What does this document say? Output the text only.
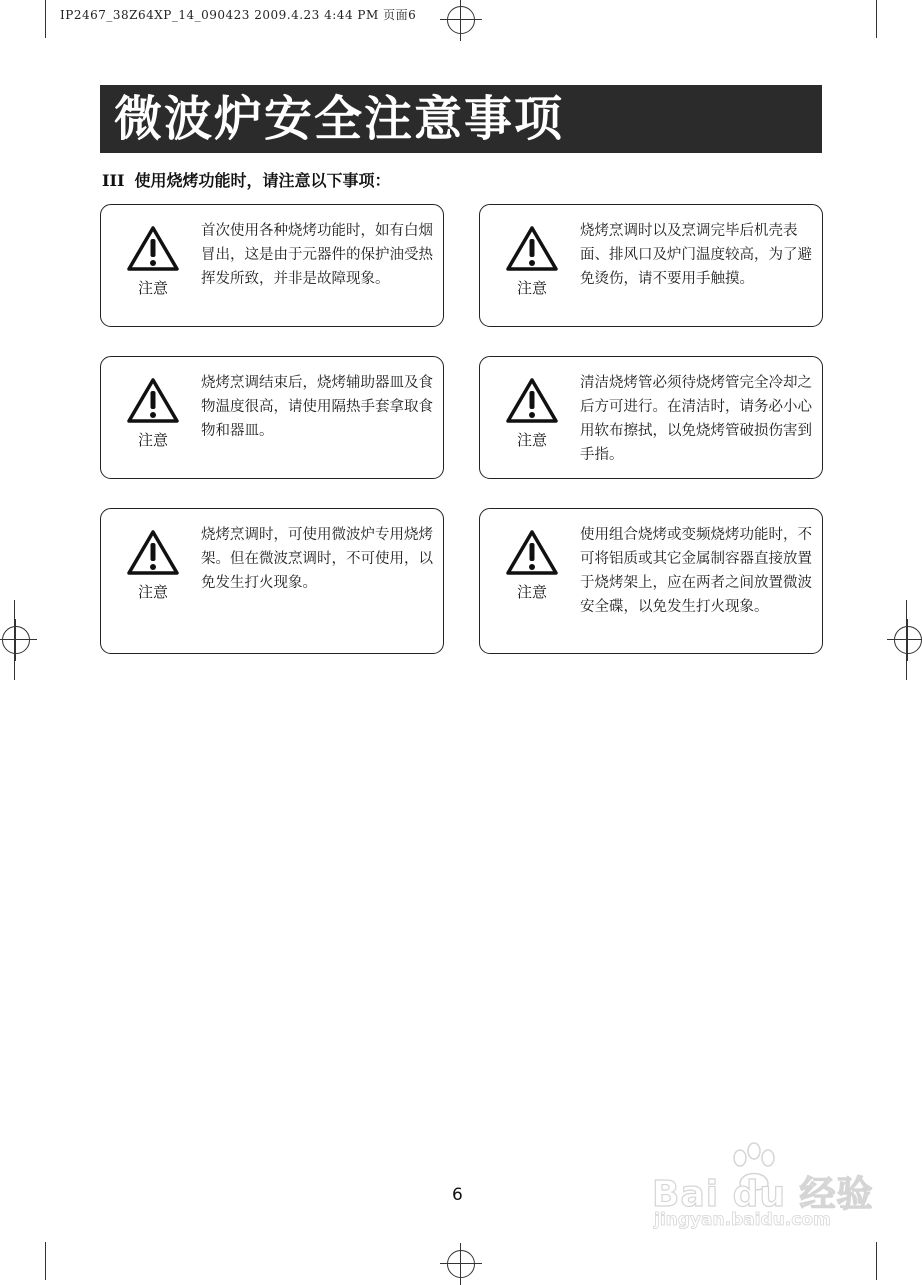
IP2467_38Z64XP_14_090423 2009.4.23 4:44 PM 页面6
微波炉安全注意事项
III 使用烧烤功能时，请注意以下事项：
注意
首次使用各种烧烤功能时，如有白烟冒出，这是由于元器件的保护油受热挥发所致，并非是故障现象。	注意
烧烤烹调时以及烹调完毕后机壳表面、排风口及炉门温度较高，为了避免烫伤，请不要用手触摸。
注意
烧烤烹调结束后，烧烤辅助器皿及食物温度很高，请使用隔热手套拿取食物和器皿。	注意
清洁烧烤管必须待烧烤管完全冷却之后方可进行。在清洁时，请务必小心用软布擦拭，以免烧烤管破损伤害到手指。
注意
烧烤烹调时，可使用微波炉专用烧烤架。但在微波烹调时，不可使用，以免发生打火现象。	注意
使用组合烧烤或变频烧烤功能时，不可将铝质或其它金属制容器直接放置于烧烤架上，应在两者之间放置微波安全碟，以免发生打火现象。
6	Bai du 经验
jingyan.baidu.com
